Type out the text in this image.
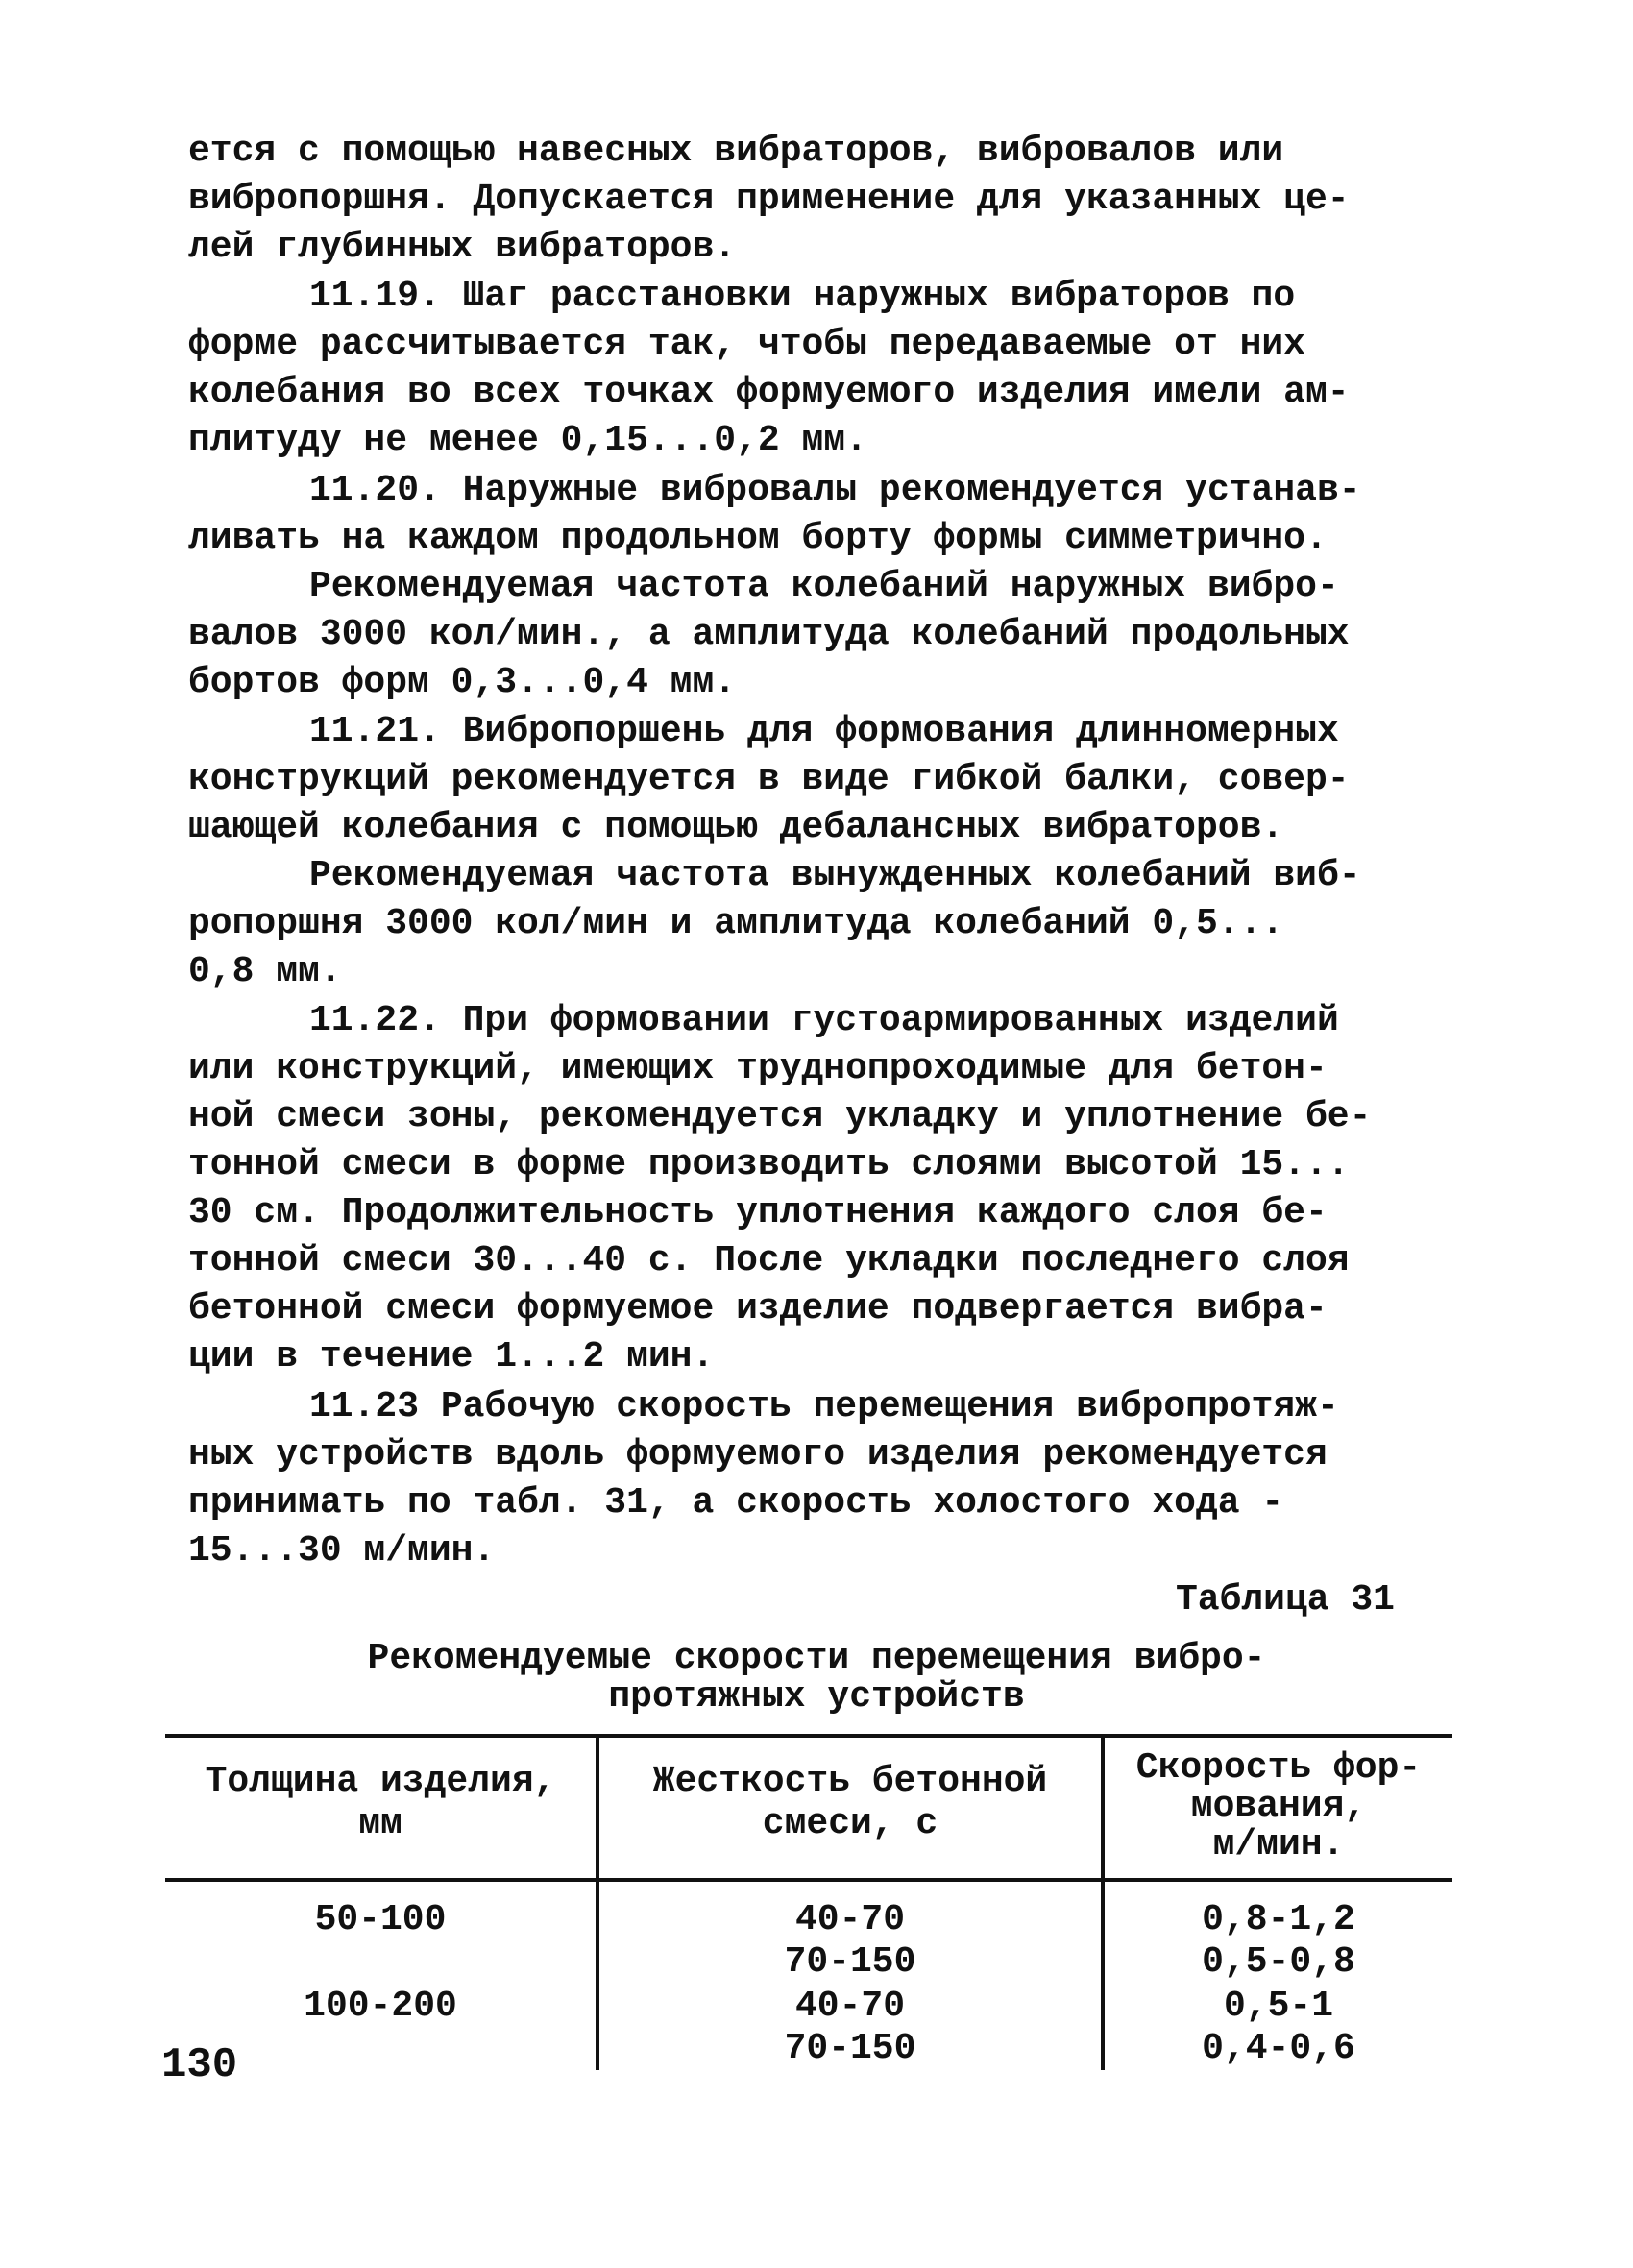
ется с помощью навесных вибраторов, вибровалов или
вибропоршня. Допускается применение для указанных це-
лей глубинных вибраторов.
11.19. Шаг расстановки наружных вибраторов по
форме рассчитывается так, чтобы передаваемые от них
колебания во всех точках формуемого изделия имели ам-
плитуду не менее 0,15...0,2 мм.
11.20. Наружные вибровалы рекомендуется устанав-
ливать на каждом продольном борту формы симметрично.
Рекомендуемая частота колебаний наружных вибро-
валов 3000 кол/мин., а амплитуда колебаний продольных
бортов форм 0,3...0,4 мм.
11.21. Вибропоршень для формования длинномерных
конструкций рекомендуется в виде гибкой балки, совер-
шающей колебания с помощью дебалансных вибраторов.
Рекомендуемая частота вынужденных колебаний виб-
ропоршня 3000 кол/мин и амплитуда колебаний 0,5...
0,8 мм.
11.22. При формовании густоармированных изделий
или конструкций, имеющих труднопроходимые для бетон-
ной смеси зоны, рекомендуется укладку и уплотнение бе-
тонной смеси в форме производить слоями высотой 15...
30 см. Продолжительность уплотнения каждого слоя бе-
тонной смеси 30...40 с. После укладки последнего слоя
бетонной смеси формуемое изделие подвергается вибра-
ции в течение 1...2 мин.
11.23 Рабочую скорость перемещения вибропротяж-
ных устройств вдоль формуемого изделия рекомендуется
принимать по табл. 31, а скорость холостого хода -
15...30 м/мин.
Таблица 31
Рекомендуемые скорости перемещения вибро-
протяжных устройств
Толщина изделия,
мм
Жесткость бетонной
смеси, с
Скорость фор-
мования,
м/мин.
50-100	40-70
70-150
0,8-1,2
0,5-0,8
100-200	40-70
70-150
0,5-1
0,4-0,6
130
